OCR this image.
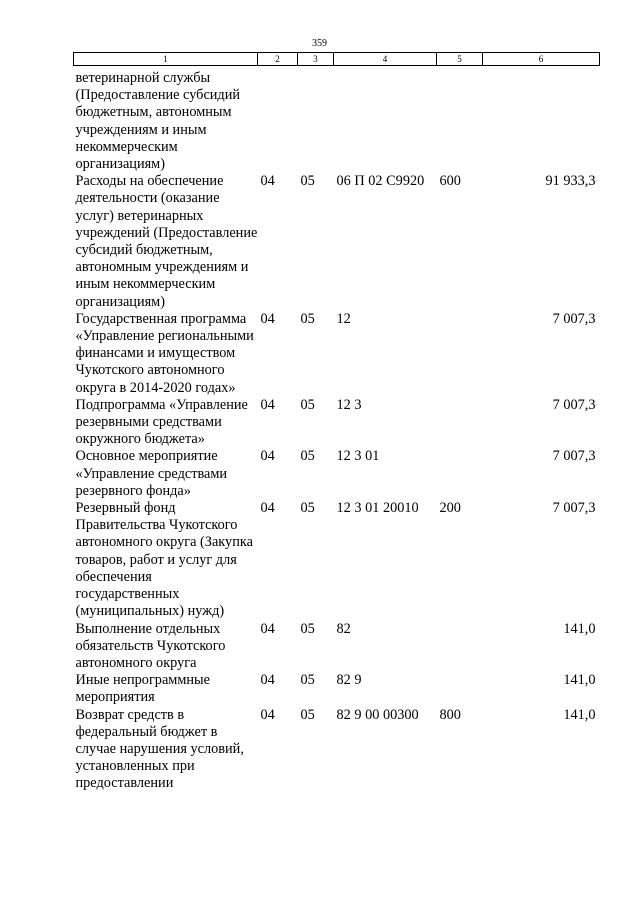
359
1	2	3	4	5	6
ветеринарной службы (Предоставление субсидий бюджетным, автономным учреждениям и иным некоммерческим организациям)					
Расходы на обеспечение деятельности (оказание услуг) ветеринарных учреждений (Предоставление субсидий бюджетным, автономным учреждениям и иным некоммерческим организациям)	04	05	06 П 02 С9920	600	91 933,3
Государственная программа «Управление региональными финансами и имуществом Чукотского автономного округа в 2014-2020 годах»	04	05	12		7 007,3
Подпрограмма «Управление резервными средствами окружного бюджета»	04	05	12 3		7 007,3
Основное мероприятие «Управление средствами резервного фонда»	04	05	12 3 01		7 007,3
Резервный фонд Правительства Чукотского автономного округа (Закупка товаров, работ и услуг для обеспечения государственных (муниципальных) нужд)	04	05	12 3 01 20010	200	7 007,3
Выполнение отдельных обязательств Чукотского автономного округа	04	05	82		141,0
Иные непрограммные мероприятия	04	05	82 9		141,0
Возврат средств в федеральный бюджет в случае нарушения условий, установленных при предоставлении	04	05	82 9 00 00300	800	141,0
